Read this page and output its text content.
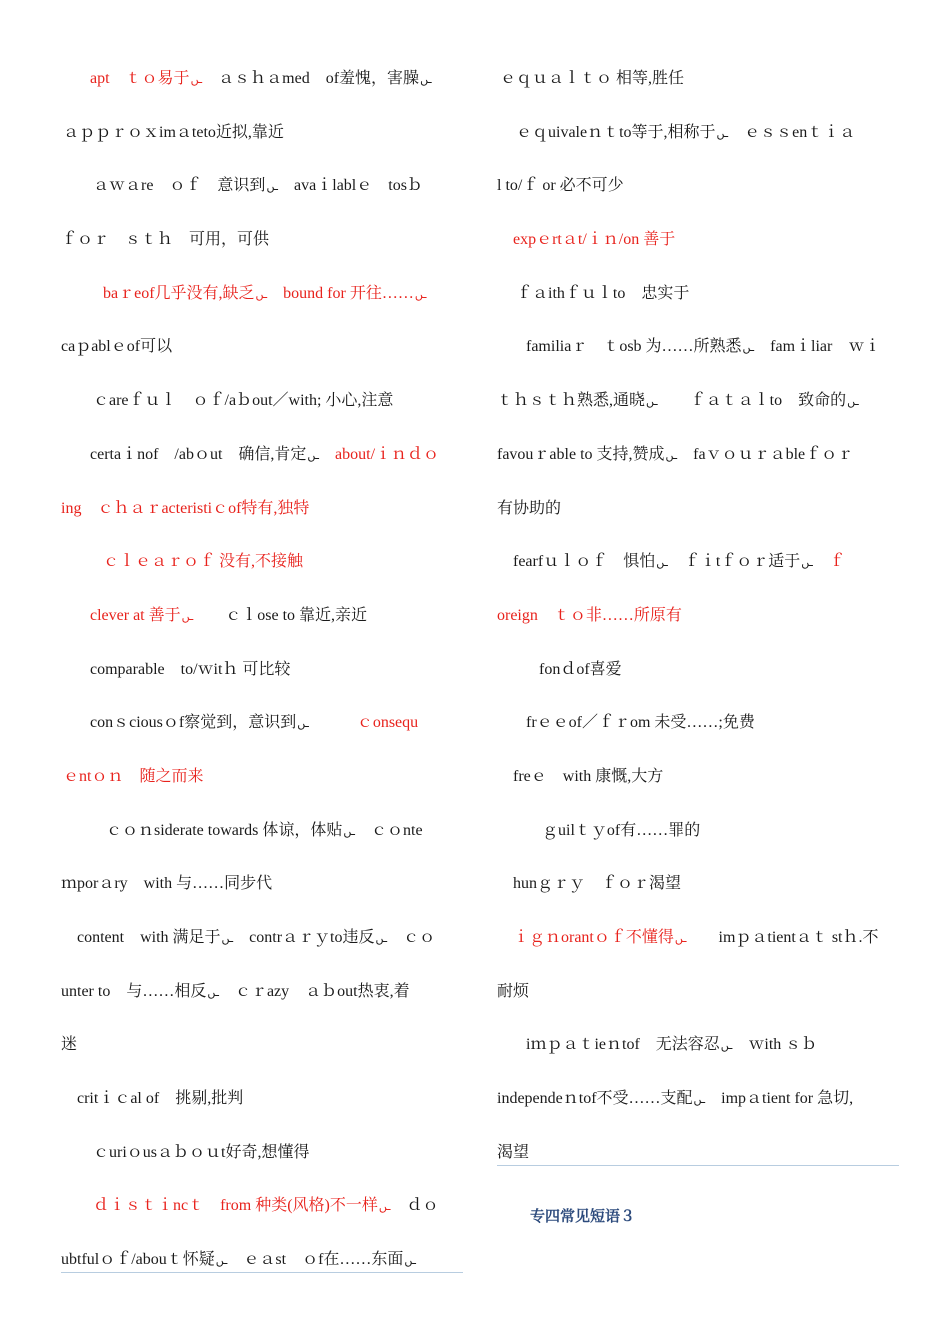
apt　ｔｏ易于ـﮟ　ａｓｈａmed　of羞愧，害臊ـﮟ
ａｐｐｒｏｘimａteto近拟,靠近
ａｗａre　ｏｆ　意识到ـﮟ　avaｉlablｅ　tosｂ
ｆｏｒ　ｓｔｈ　可用，可供
baｒeof几乎没有,缺乏ـﮟ　bound for 开往……ـﮟ
caｐablｅof可以
ｃareｆｕｌ　ｏｆ/aｂout／with; 小心,注意
certaｉnof　/abｏut　确信,肯定ـﮟ　about/ｉｎｄｏ
ing　ｃｈａｒacteristiｃof特有,独特
ｃｌｅａｒｏｆ 没有,不接触
clever at 善于ـﮟ　　ｃｌose to 靠近,亲近
comparable　to/ｗitｈ 可比较
conｓciousｏf察觉到，意识到ـﮟ　　　ｃonsequ
ｅntｏｎ　随之而来
ｃｏｎsiderate towards 体谅，体贴ـﮟ　ｃｏnte
ｍporａry　with 与……同步代
content　with 满足于ـﮟ　contrａｒｙto违反ـﮟ　ｃｏ
unter to　与……相反ـﮟ　ｃｒazy　ａｂout热衷,着
迷
critｉｃal of　挑剔,批判
ｃuriｏusａｂｏｕt好奇,想懂得
ｄｉｓｔｉncｔ　from 种类(风格)不一样ـﮟ　ｄｏ
ubtfulｏｆ/abouｔ怀疑ـﮟ　ｅａst　ｏf在……东面ـﮟ
ｅｑｕａｌｔｏ 相等,胜任
ｅｑuivaleｎｔto等于,相称于ـﮟ　ｅｓｓenｔｉａ
l to/ｆ or 必不可少
expｅrtａt/ｉｎ/on 善于
ｆａithｆｕｌto　忠实于
familiaｒ　ｔosb 为……所熟悉ـﮟ　famｉliar　ｗｉ
ｔｈｓｔｈ熟悉,通晓ـﮟ　　ｆａｔａｌto　致命的ـﮟ
favouｒable to 支持,赞成ـﮟ　faｖｏｕｒａbleｆｏｒ
有协助的
fearfｕｌｏｆ　惧怕ـﮟ　ｆｉtｆｏｒ适于ـﮟ　ｆ
oreign　ｔｏ非……所原有
fonｄof喜爱
frｅｅof／ｆｒom 未受……;免费
freｅ　with 康慨,大方
ｇuilｔｙof有……罪的
hunｇｒｙ　ｆｏｒ渴望
ｉｇｎorantｏｆ不懂得ـﮟ　　imｐａtientａｔ stｈ.不
耐烦
iｍｐａｔieｎtof　无法容忍ـﮟ　ｗith ｓｂ
independeｎtof不受……支配ـﮟ　impａtient for 急切,
渴望
专四常见短语３
